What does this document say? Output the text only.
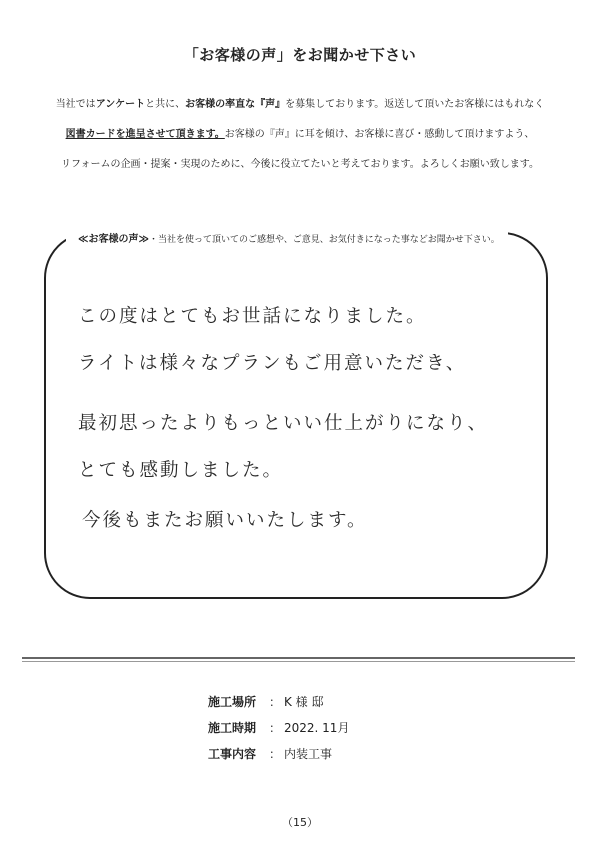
「お客様の声」をお聞かせ下さい
当社ではアンケートと共に、お客様の率直な『声』を募集しております。返送して頂いたお客様にはもれなく
図書カードを進呈させて頂きます。お客様の『声』に耳を傾け、お客様に喜び・感動して頂けますよう、
リフォームの企画・提案・実現のために、今後に役立てたいと考えております。よろしくお願い致します。
≪お客様の声≫・当社を使って頂いてのご感想や、ご意見、お気付きになった事などお聞かせ下さい。
この度はとてもお世話になりました。
ライトは様々なプランもご用意いただき、
最初思ったよりもっといい仕上がりになり、
とても感動しました。
今後もまたお願いいたします。
施工場所 ： K 様 邸
施工時期 ： 2022. 11月
工事内容 ： 内装工事
（15）
